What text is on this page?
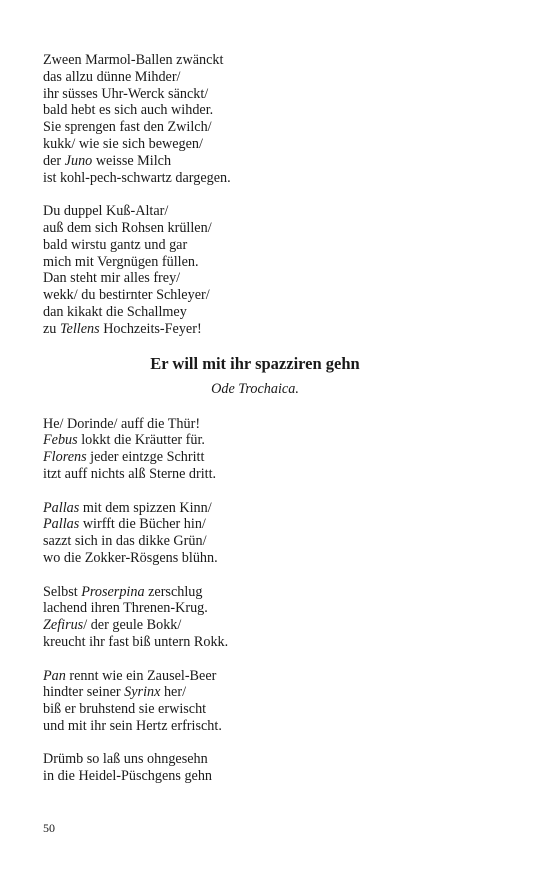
Zween Marmol-Ballen zwänckt
das allzu dünne Mihder/
ihr süsses Uhr-Werck sänckt/
bald hebt es sich auch wihder.
Sie sprengen fast den Zwilch/
kukk/ wie sie sich bewegen/
der Juno weisse Milch
ist kohl-pech-schwartz dargegen.
Du duppel Kuß-Altar/
auß dem sich Rohsen krüllen/
bald wirstu gantz und gar
mich mit Vergnügen füllen.
Dan steht mir alles frey/
wekk/ du bestirnter Schleyer/
dan kikakt die Schallmey
zu Tellens Hochzeits-Feyer!
Er will mit ihr spazziren gehn
Ode Trochaica.
He/ Dorinde/ auff die Thür!
Febus lokkt die Kräutter für.
Florens jeder eintzge Schritt
itzt auff nichts alß Sterne dritt.
Pallas mit dem spizzen Kinn/
Pallas wirfft die Bücher hin/
sazzt sich in das dikke Grün/
wo die Zokker-Rösgens blühn.
Selbst Proserpina zerschlug
lachend ihren Threnen-Krug.
Zefirus/ der geule Bokk/
kreucht ihr fast biß untern Rokk.
Pan rennt wie ein Zausel-Beer
hindter seiner Syrinx her/
biß er bruhstend sie erwischt
und mit ihr sein Hertz erfrischt.
Drümb so laß uns ohngesehn
in die Heidel-Püschgens gehn
50
